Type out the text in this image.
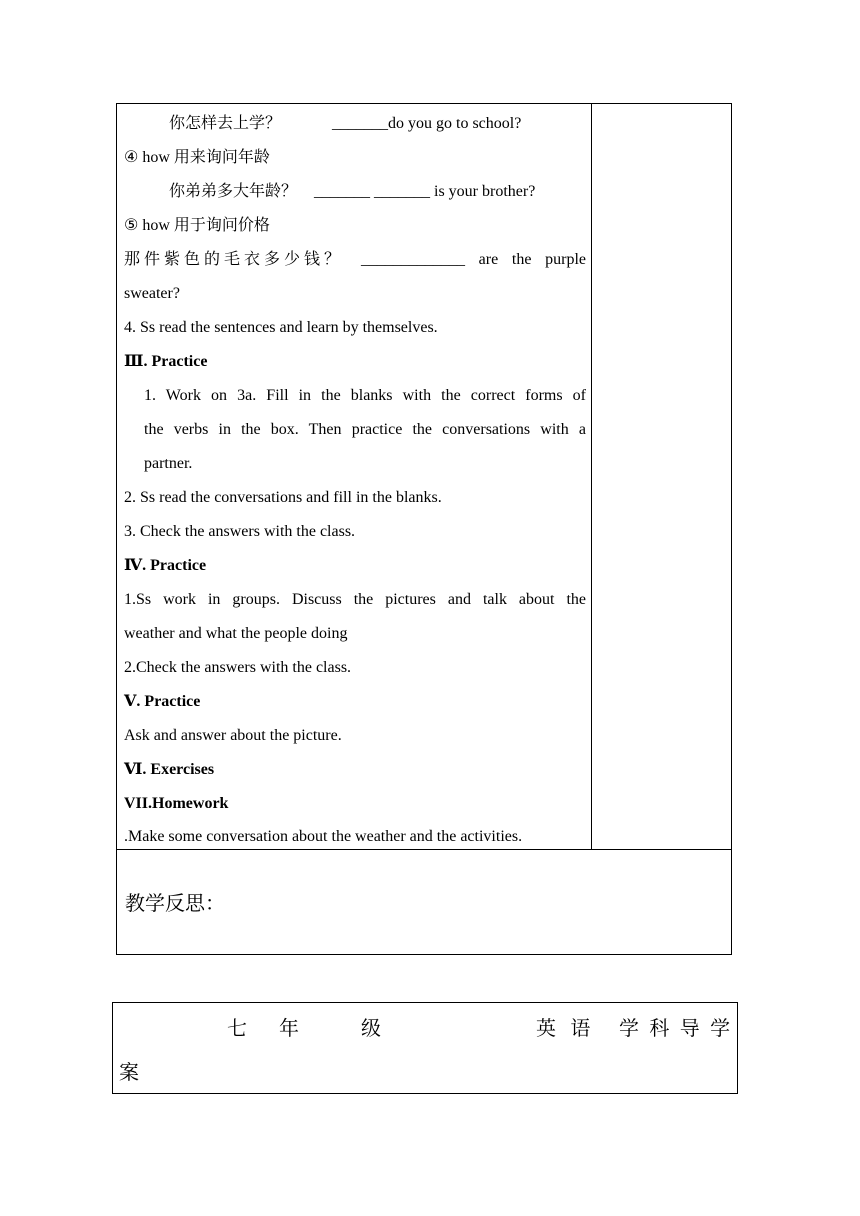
你怎样去上学？	_______do you go to school?
④ how 用来询问年龄
你弟弟多大年龄？ _______ _______ is your brother?
⑤ how 用于询问价格
那件紫色的毛衣多少钱？ _____________ are the purple
sweater?
4. Ss read the sentences and learn by themselves.
Ⅲ. Practice
1. Work on 3a. Fill in the blanks with the correct forms of
the verbs in the box. Then practice the conversations with a
partner.
2. Ss read the conversations and fill in the blanks.
3. Check the answers with the class.
Ⅳ. Practice
1.Ss work in groups. Discuss the pictures and talk about the
weather and what the people doing
2.Check the answers with the class.
Ⅴ. Practice
Ask and answer about the picture.
Ⅵ. Exercises
VII.Homework
.Make some conversation about the weather and the activities.
教学反思：
七 年	级	英 语 学 科 导 学
案
